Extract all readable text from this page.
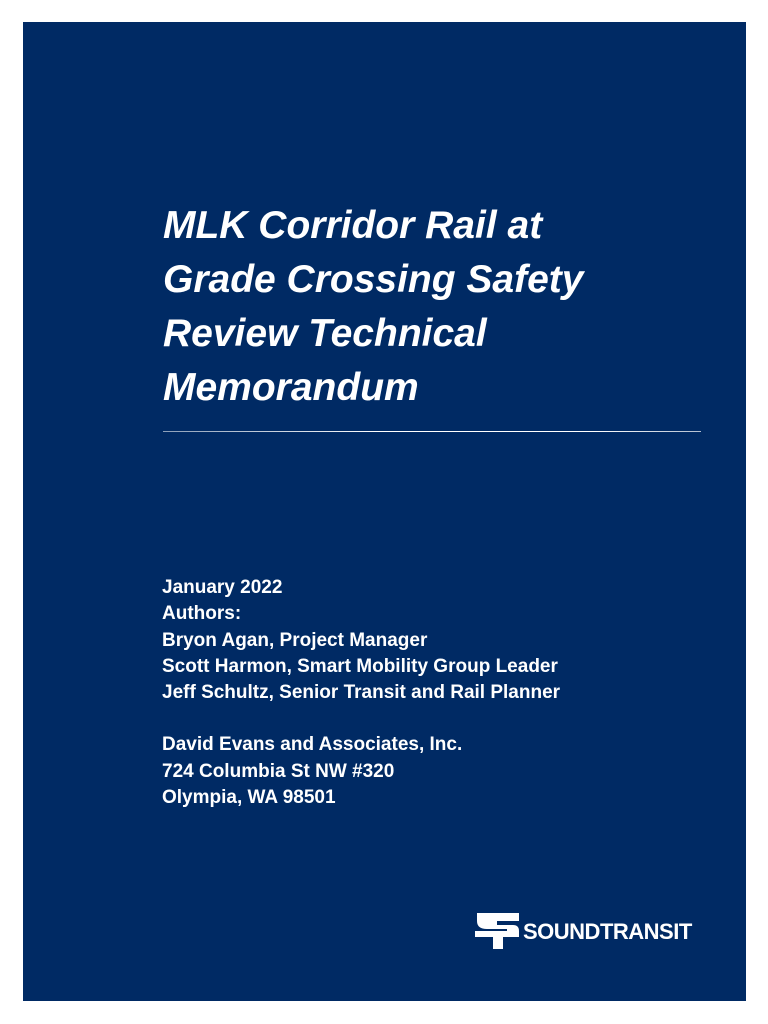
MLK Corridor Rail at
Grade Crossing Safety
Review Technical
Memorandum
January 2022
Authors:
Bryon Agan, Project Manager
Scott Harmon, Smart Mobility Group Leader
Jeff Schultz, Senior Transit and Rail Planner
David Evans and Associates, Inc.
724 Columbia St NW #320
Olympia, WA 98501
SOUNDTRANSIT
